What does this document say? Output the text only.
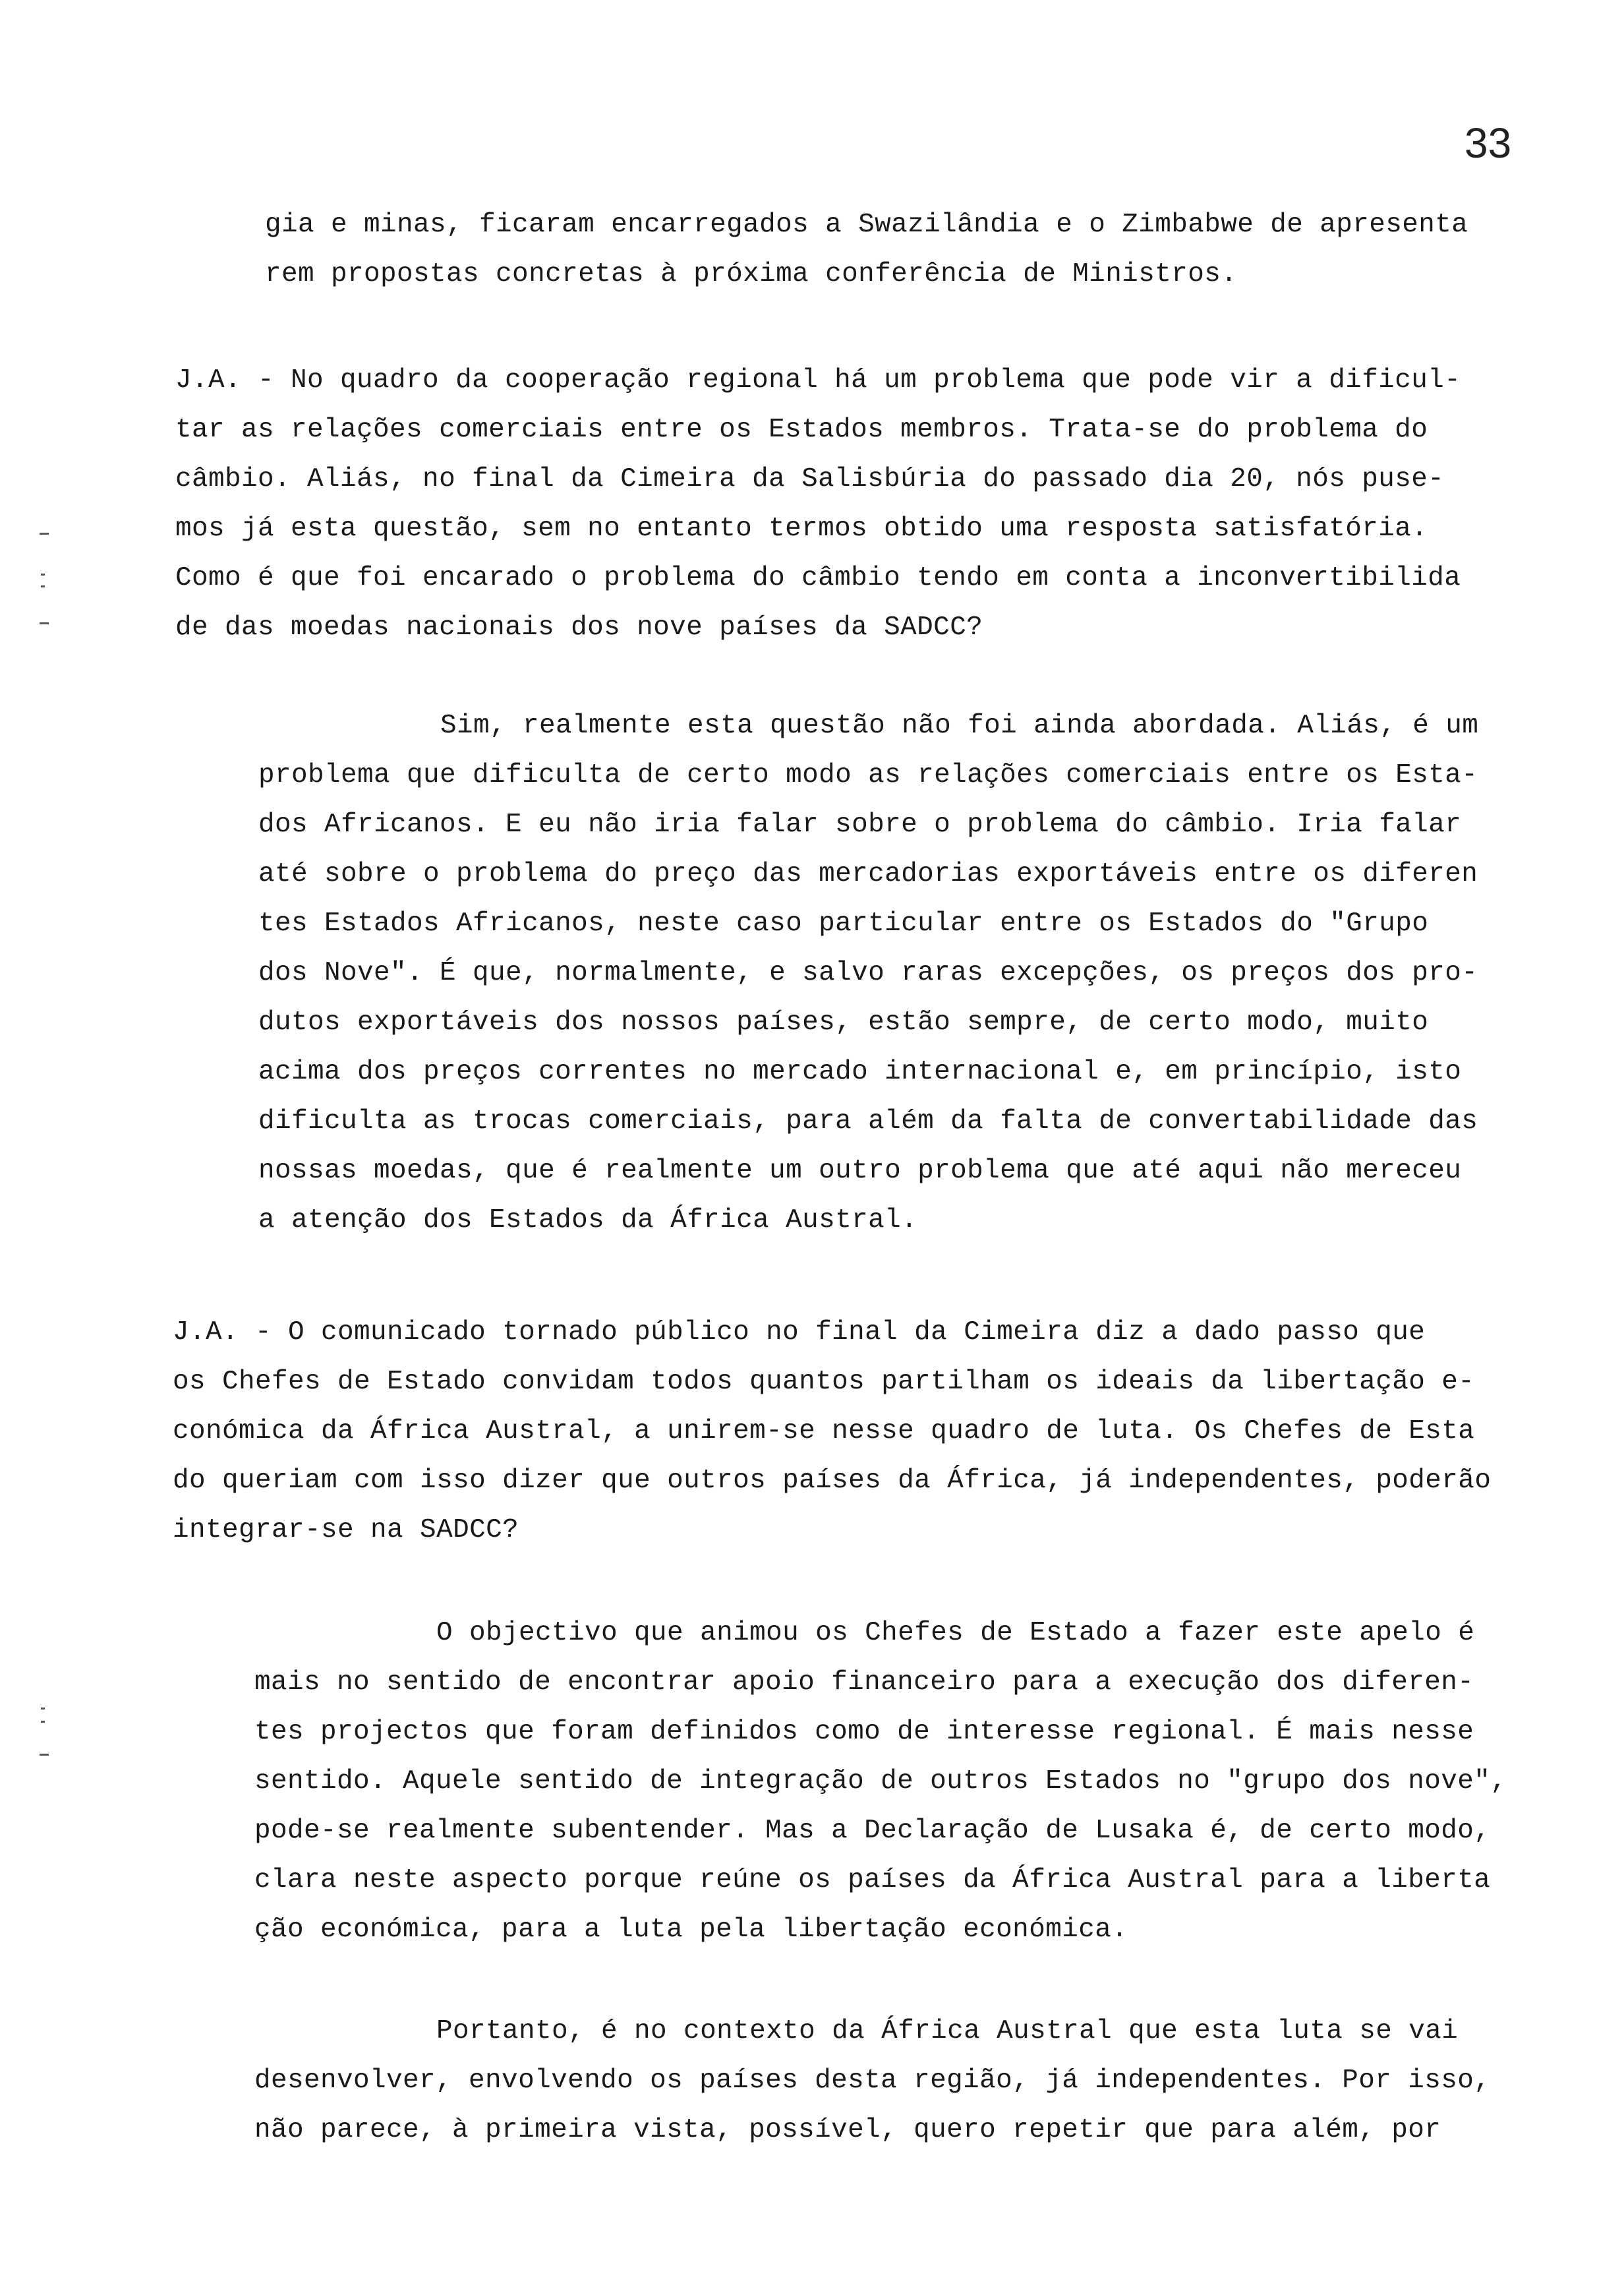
33
gia e minas, ficaram encarregados a Swazilândia e o Zimbabwe de apresenta
rem propostas concretas à próxima conferência de Ministros.
J.A. - No quadro da cooperação regional há um problema que pode vir a dificul-
tar as relações comerciais entre os Estados membros. Trata-se do problema do
câmbio. Aliás, no final da Cimeira da Salisbúria do passado dia 20, nós puse-
mos já esta questão, sem no entanto termos obtido uma resposta satisfatória.
Como é que foi encarado o problema do câmbio tendo em conta a inconvertibilida
de das moedas nacionais dos nove países da SADCC?
Sim, realmente esta questão não foi ainda abordada. Aliás, é um
problema que dificulta de certo modo as relações comerciais entre os Esta-
dos Africanos. E eu não iria falar sobre o problema do câmbio. Iria falar
até sobre o problema do preço das mercadorias exportáveis entre os diferen
tes Estados Africanos, neste caso particular entre os Estados do "Grupo
dos Nove". É que, normalmente, e salvo raras excepções, os preços dos pro-
dutos exportáveis dos nossos países, estão sempre, de certo modo, muito
acima dos preços correntes no mercado internacional e, em princípio, isto
dificulta as trocas comerciais, para além da falta de convertabilidade das
nossas moedas, que é realmente um outro problema que até aqui não mereceu
a atenção dos Estados da África Austral.
J.A. - O comunicado tornado público no final da Cimeira diz a dado passo que
os Chefes de Estado convidam todos quantos partilham os ideais da libertação e-
conómica da África Austral, a unirem-se nesse quadro de luta. Os Chefes de Esta
do queriam com isso dizer que outros países da África, já independentes, poderão
integrar-se na SADCC?
O objectivo que animou os Chefes de Estado a fazer este apelo é
mais no sentido de encontrar apoio financeiro para a execução dos diferen-
tes projectos que foram definidos como de interesse regional. É mais nesse
sentido. Aquele sentido de integração de outros Estados no "grupo dos nove",
pode-se realmente subentender. Mas a Declaração de Lusaka é, de certo modo,
clara neste aspecto porque reúne os países da África Austral para a liberta
ção económica, para a luta pela libertação económica.
Portanto, é no contexto da África Austral que esta luta se vai
desenvolver, envolvendo os países desta região, já independentes. Por isso,
não parece, à primeira vista, possível, quero repetir que para além, por
